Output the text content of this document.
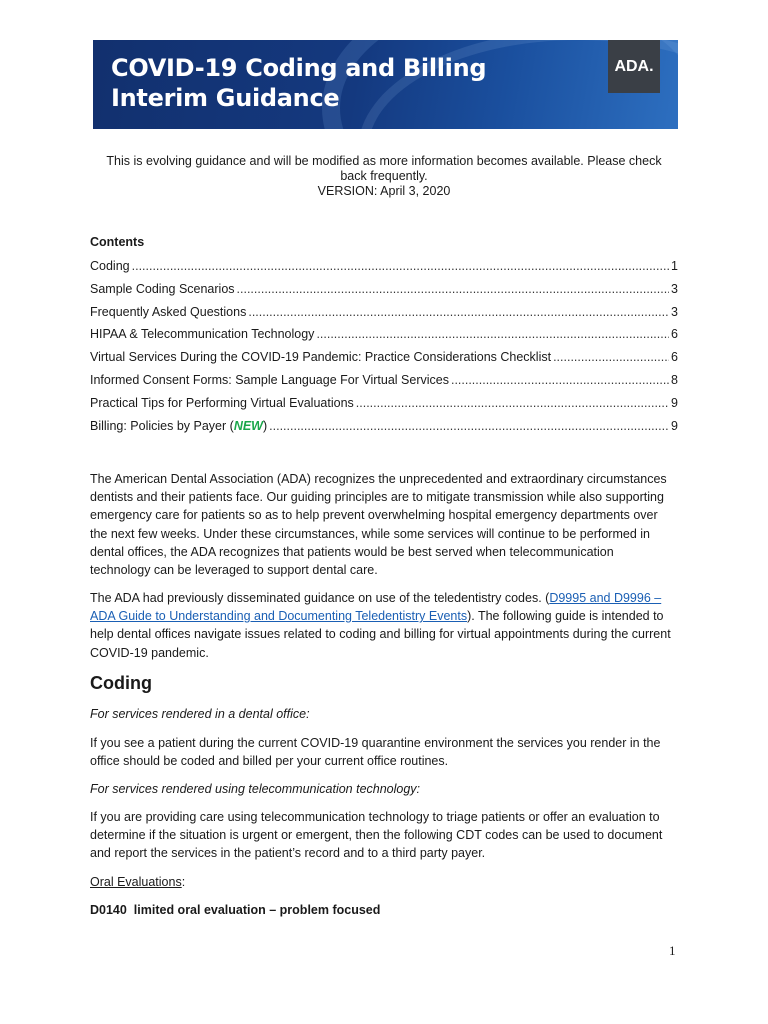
COVID-19 Coding and Billing
Interim Guidance
ADA.
This is evolving guidance and will be modified as more information becomes available. Please check
back frequently.
VERSION: April 3, 2020
Contents
Coding .....	1
Sample Coding Scenarios .....	3
Frequently Asked Questions .....	3
HIPAA & Telecommunication Technology .....	6
Virtual Services During the COVID-19 Pandemic: Practice Considerations Checklist .....	6
Informed Consent Forms: Sample Language For Virtual Services .....	8
Practical Tips for Performing Virtual Evaluations .....	9
Billing: Policies by Payer (NEW) .....	9

The American Dental Association (ADA) recognizes the unprecedented and extraordinary circumstances

dentists and their patients face. Our guiding principles are to mitigate transmission while also supporting

emergency care for patients so as to help prevent overwhelming hospital emergency departments over

the next few weeks. Under these circumstances, while some services will continue to be performed in

dental offices, the ADA recognizes that patients would be best served when telecommunication

technology can be leveraged to support dental care.

The ADA had previously disseminated guidance on use of the teledentistry codes. (D9995 and D9996 –

ADA Guide to Understanding and Documenting Teledentistry Events). The following guide is intended to

help dental offices navigate issues related to coding and billing for virtual appointments during the current

COVID-19 pandemic.

Coding
For services rendered in a dental office:

If you see a patient during the current COVID-19 quarantine environment the services you render in the

office should be coded and billed per your current office routines.

For services rendered using telecommunication technology:

If you are providing care using telecommunication technology to triage patients or offer an evaluation to

determine if the situation is urgent or emergent, then the following CDT codes can be used to document

and report the services in the patient’s record and to a third party payer.

Oral Evaluations:
D0140 limited oral evaluation – problem focused
1
